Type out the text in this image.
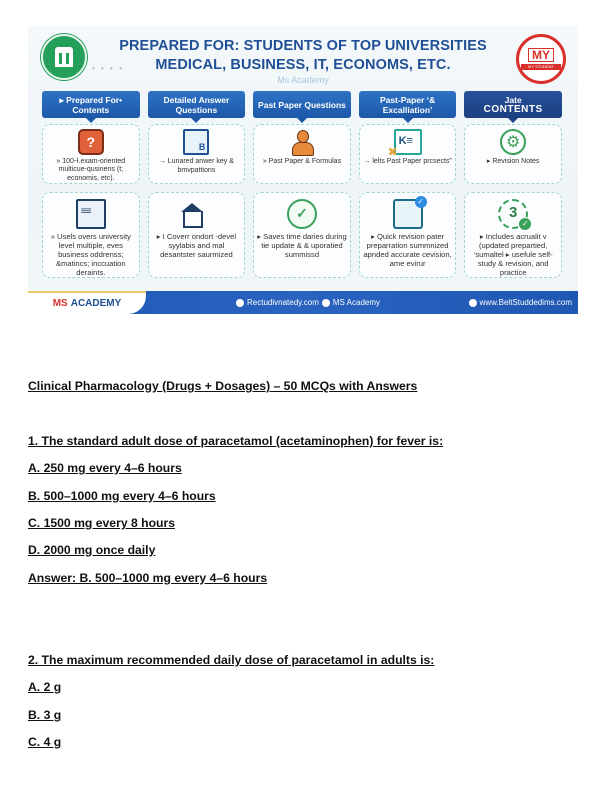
• • • •
PREPARED FOR: STUDENTS OF TOP UNIVERSITIES
MEDICAL, BUSINESS, IT, ECONOMS, ETC.
Ms Academy
MY
MY STUDENT
▸ Prepared For• Contents
Detailed Answer Questions	Past Paper Questions	Past-Paper ‘& Excalliation’
Jate
CONTENTS
?
» 100-ɫ.exam-oriented multicue-qusinens (t; economis, etc).
B
→ Lunared anwer key & bmvpattions
» Past Paper & Formulas
K≡ ✖	→ lelts Past Paper prcsects”
⚙	▸ Revision Notes
≡≡
» Usels overs university level multiple, eves business oddrenss; &matincs; inccuation deraints.
▸ I Coverr ondort -devel syylabis and mal desantster saurmized
✓
▸ Saves time daries during tɨe update & & uporatied summissd
✓
▸ Quick revision pater preparration summnized apnded accurate cevision, ame evirur
3 ✓
▸ Includes acrualit v (updated prepartied, ‘sumaltel ▸ usefule self-study & revision, and practice
MS ACADEMY	Rectudivnatedy.com MS Academy	www.BeltStuddedims.com
Clinical Pharmacology (Drugs + Dosages) – 50 MCQs with Answers
1. The standard adult dose of paracetamol (acetaminophen) for fever is:
A. 250 mg every 4–6 hours
B. 500–1000 mg every 4–6 hours
C. 1500 mg every 8 hours
D. 2000 mg once daily
Answer: B. 500–1000 mg every 4–6 hours
2. The maximum recommended daily dose of paracetamol in adults is:
A. 2 g
B. 3 g
C. 4 g
